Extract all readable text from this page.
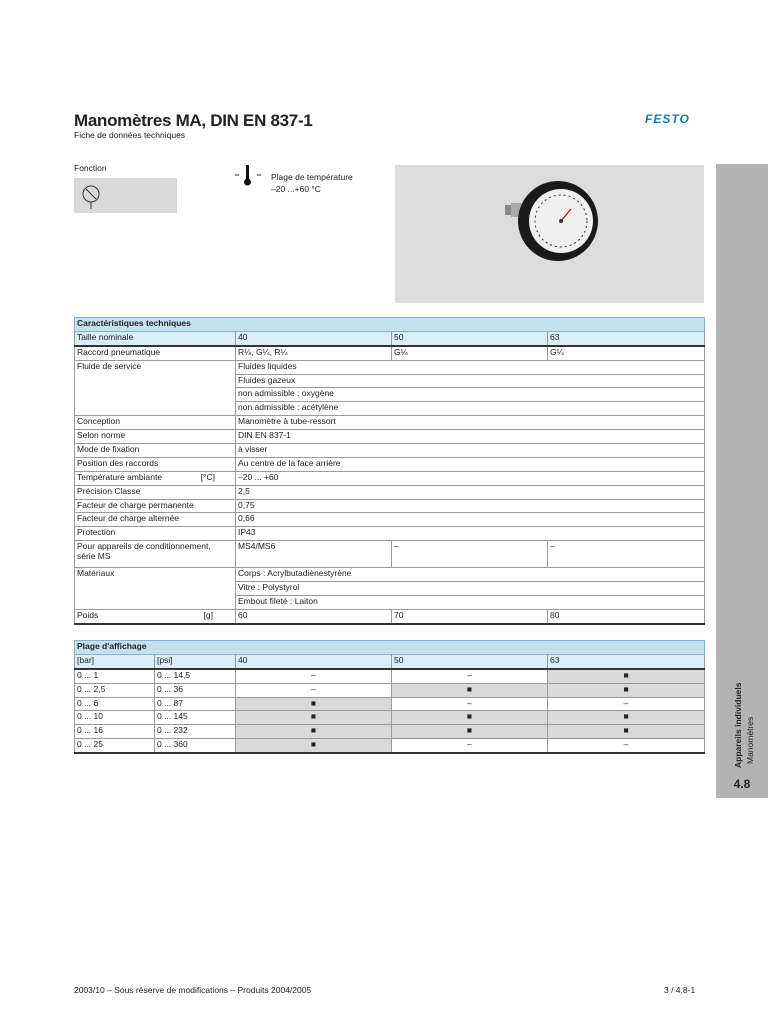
Manomètres MA, DIN EN 837-1
Fiche de données techniques
FESTO
Fonction
Plage de température
–20 ...+60 °C
Appareils individuels Manomètres
4.8
Caractéristiques techniques			
Taille nominale	40	50	63
Raccord pneumatique	R⅛, G¼, R¼	G¼	G¼
Fluide de service	Fluides liquides		
	Fluides gazeux		
	non admissible : oxygène		
	non admissible : acétylène		
Conception	Manomètre à tube-ressort		
Selon norme	DIN EN 837-1		
Mode de fixation	à visser		
Position des raccords	Au centre de la face arrière		
Température ambiante [°C]	–20 ... +60		
Précision Classe	2,5		
Facteur de charge permanente	0,75		
Facteur de charge alternée	0,66		
Protection	IP43		

Pour appareils de conditionnement,
série MS	MS4/MS6	–	–
Matériaux	Corps : Acrylbutadiènestyrène		
	Vitre : Polystyrol		
	Embout fileté : Laiton		
Poids [g]	60	70	80
Plage d'affichage				
[bar]	[psi]	40	50	63
0 ... 1	0 ... 14,5	–	–	■
0 ... 2,5	0 ... 36	–	■	■
0 ... 6	0 ... 87	■	–	–
0 ... 10	0 ... 145	■	■	■
0 ... 16	0 ... 232	■	■	■
0 ... 25	0 ... 360	■	–	–
2003/10 – Sous réserve de modifications – Produits 2004/2005	3 / 4.8-1
